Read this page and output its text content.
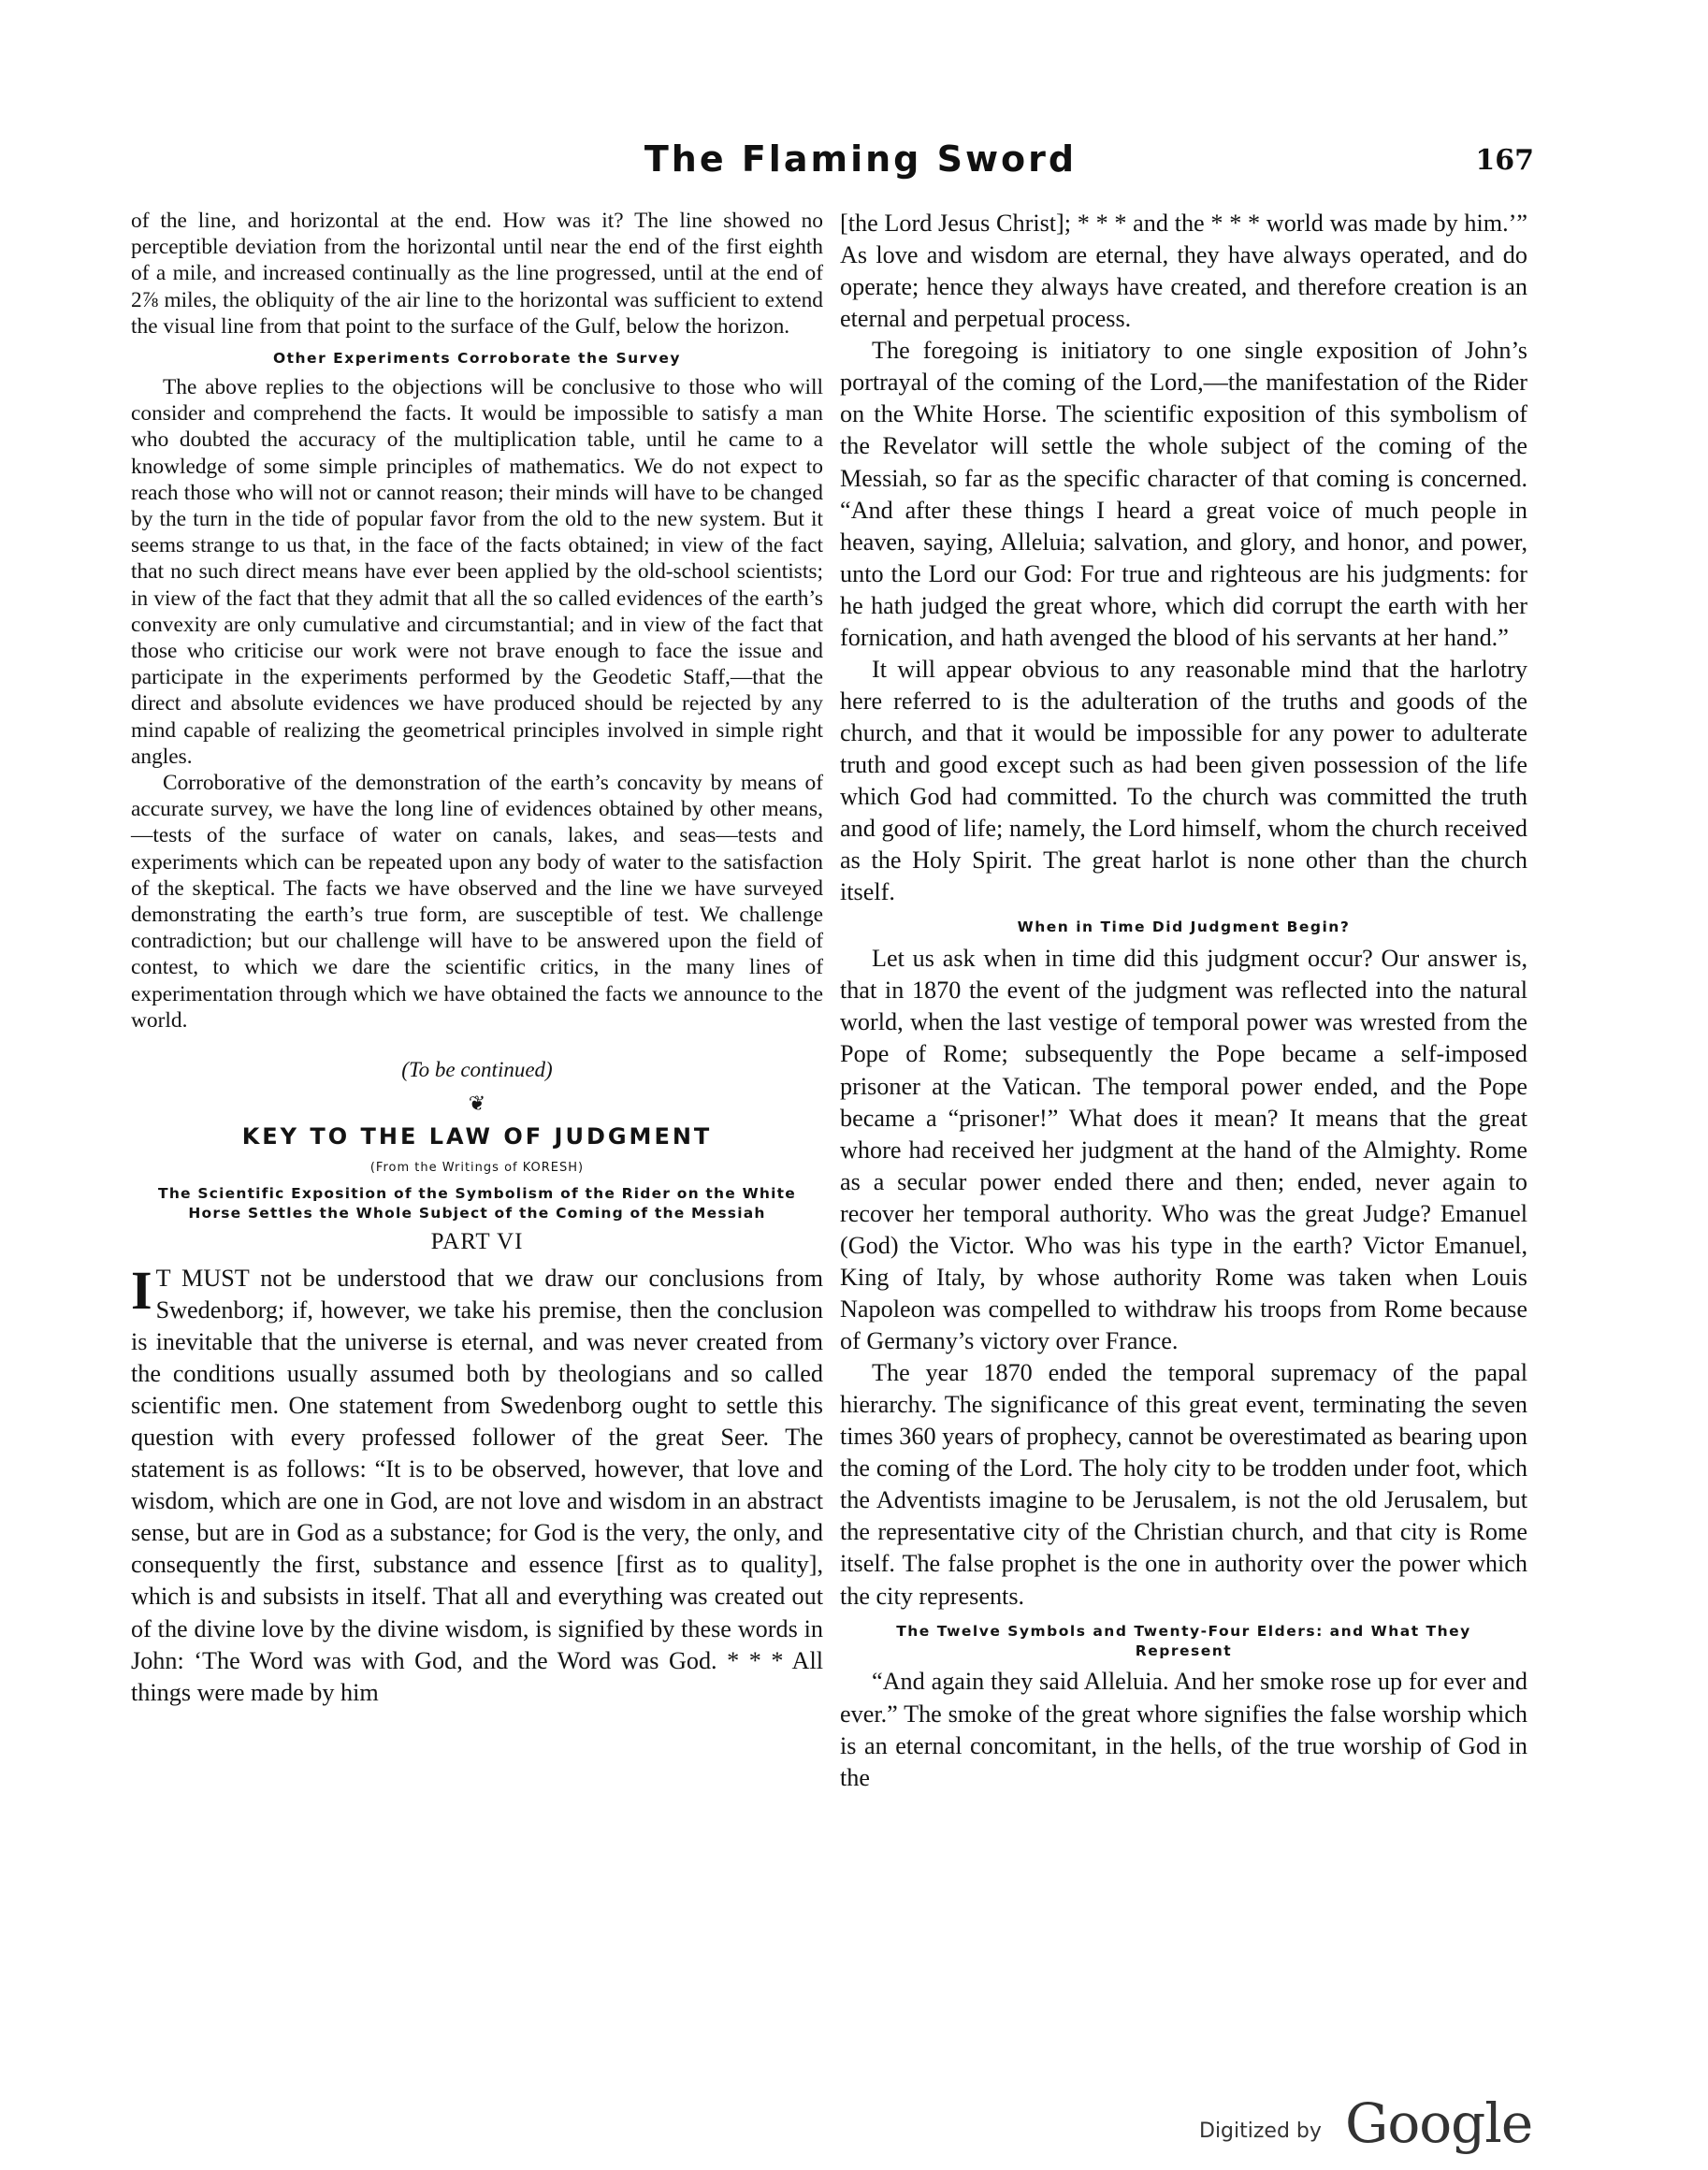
The Flaming Sword	167

of the line, and horizontal at the end. How was it? The line showed no perceptible deviation from the horizontal until near the end of the first eighth of a mile, and increased continually as the line progressed, until at the end of 2⅞ miles, the obliquity of the air line to the horizontal was sufficient to extend the visual line from that point to the surface of the Gulf, below the horizon.

Other Experiments Corroborate the Survey

The above replies to the objections will be conclusive to those who will consider and comprehend the facts. It would be impossible to satisfy a man who doubted the accuracy of the multiplication table, until he came to a knowledge of some simple principles of mathematics. We do not expect to reach those who will not or cannot reason; their minds will have to be changed by the turn in the tide of popular favor from the old to the new system. But it seems strange to us that, in the face of the facts obtained; in view of the fact that no such direct means have ever been applied by the old-school scientists; in view of the fact that they admit that all the so called evidences of the earth’s convexity are only cumulative and circumstantial; and in view of the fact that those who criticise our work were not brave enough to face the issue and participate in the experiments performed by the Geodetic Staff,—that the direct and absolute evidences we have produced should be rejected by any mind capable of realizing the geometrical principles involved in simple right angles.

Corroborative of the demonstration of the earth’s concavity by means of accurate survey, we have the long line of evidences obtained by other means,—tests of the surface of water on canals, lakes, and seas—tests and experiments which can be repeated upon any body of water to the satisfaction of the skeptical. The facts we have observed and the line we have surveyed demonstrating the earth’s true form, are susceptible of test. We challenge contradiction; but our challenge will have to be answered upon the field of contest, to which we dare the scientific critics, in the many lines of experimentation through which we have obtained the facts we announce to the world.

(To be continued)
❦
KEY TO THE LAW OF JUDGMENT
(From the Writings of KORESH)
The Scientific Exposition of the Symbolism of the Rider on the White Horse Settles the Whole Subject of the Coming of the Messiah
PART VI

I T MUST not be understood that we draw our conclusions from Swedenborg; if, however, we take his premise, then the conclusion is inevitable that the universe is eternal, and was never created from the conditions usually assumed both by theologians and so called scientific men. One statement from Swedenborg ought to settle this question with every professed follower of the great Seer. The statement is as follows: “It is to be observed, however, that love and wisdom, which are one in God, are not love and wisdom in an abstract sense, but are in God as a substance; for God is the very, the only, and consequently the first, substance and essence [first as to quality], which is and subsists in itself. That all and everything was created out of the divine love by the divine wisdom, is signified by these words in John: ‘The Word was with God, and the Word was God. * * * All things were made by him

[the Lord Jesus Christ]; * * * and the * * * world was made by him.’” As love and wisdom are eternal, they have always operated, and do operate; hence they always have created, and therefore creation is an eternal and perpetual process.

The foregoing is initiatory to one single exposition of John’s portrayal of the coming of the Lord,—the manifestation of the Rider on the White Horse. The scientific exposition of this symbolism of the Revelator will settle the whole subject of the coming of the Messiah, so far as the specific character of that coming is concerned. “And after these things I heard a great voice of much people in heaven, saying, Alleluia; salvation, and glory, and honor, and power, unto the Lord our God: For true and righteous are his judgments: for he hath judged the great whore, which did corrupt the earth with her fornication, and hath avenged the blood of his servants at her hand.”

It will appear obvious to any reasonable mind that the harlotry here referred to is the adulteration of the truths and goods of the church, and that it would be impossible for any power to adulterate truth and good except such as had been given possession of the life which God had committed. To the church was committed the truth and good of life; namely, the Lord himself, whom the church received as the Holy Spirit. The great harlot is none other than the church itself.

When in Time Did Judgment Begin?

Let us ask when in time did this judgment occur? Our answer is, that in 1870 the event of the judgment was reflected into the natural world, when the last vestige of temporal power was wrested from the Pope of Rome; subsequently the Pope became a self-imposed prisoner at the Vatican. The temporal power ended, and the Pope became a “prisoner!” What does it mean? It means that the great whore had received her judgment at the hand of the Almighty. Rome as a secular power ended there and then; ended, never again to recover her temporal authority. Who was the great Judge? Emanuel (God) the Victor. Who was his type in the earth? Victor Emanuel, King of Italy, by whose authority Rome was taken when Louis Napoleon was compelled to withdraw his troops from Rome because of Germany’s victory over France.

The year 1870 ended the temporal supremacy of the papal hierarchy. The significance of this great event, terminating the seven times 360 years of prophecy, cannot be overestimated as bearing upon the coming of the Lord. The holy city to be trodden under foot, which the Adventists imagine to be Jerusalem, is not the old Jerusalem, but the representative city of the Christian church, and that city is Rome itself. The false prophet is the one in authority over the power which the city represents.

The Twelve Symbols and Twenty-Four Elders: and What They Represent

“And again they said Alleluia. And her smoke rose up for ever and ever.” The smoke of the great whore signifies the false worship which is an eternal concomitant, in the hells, of the true worship of God in the

Digitized by Google
